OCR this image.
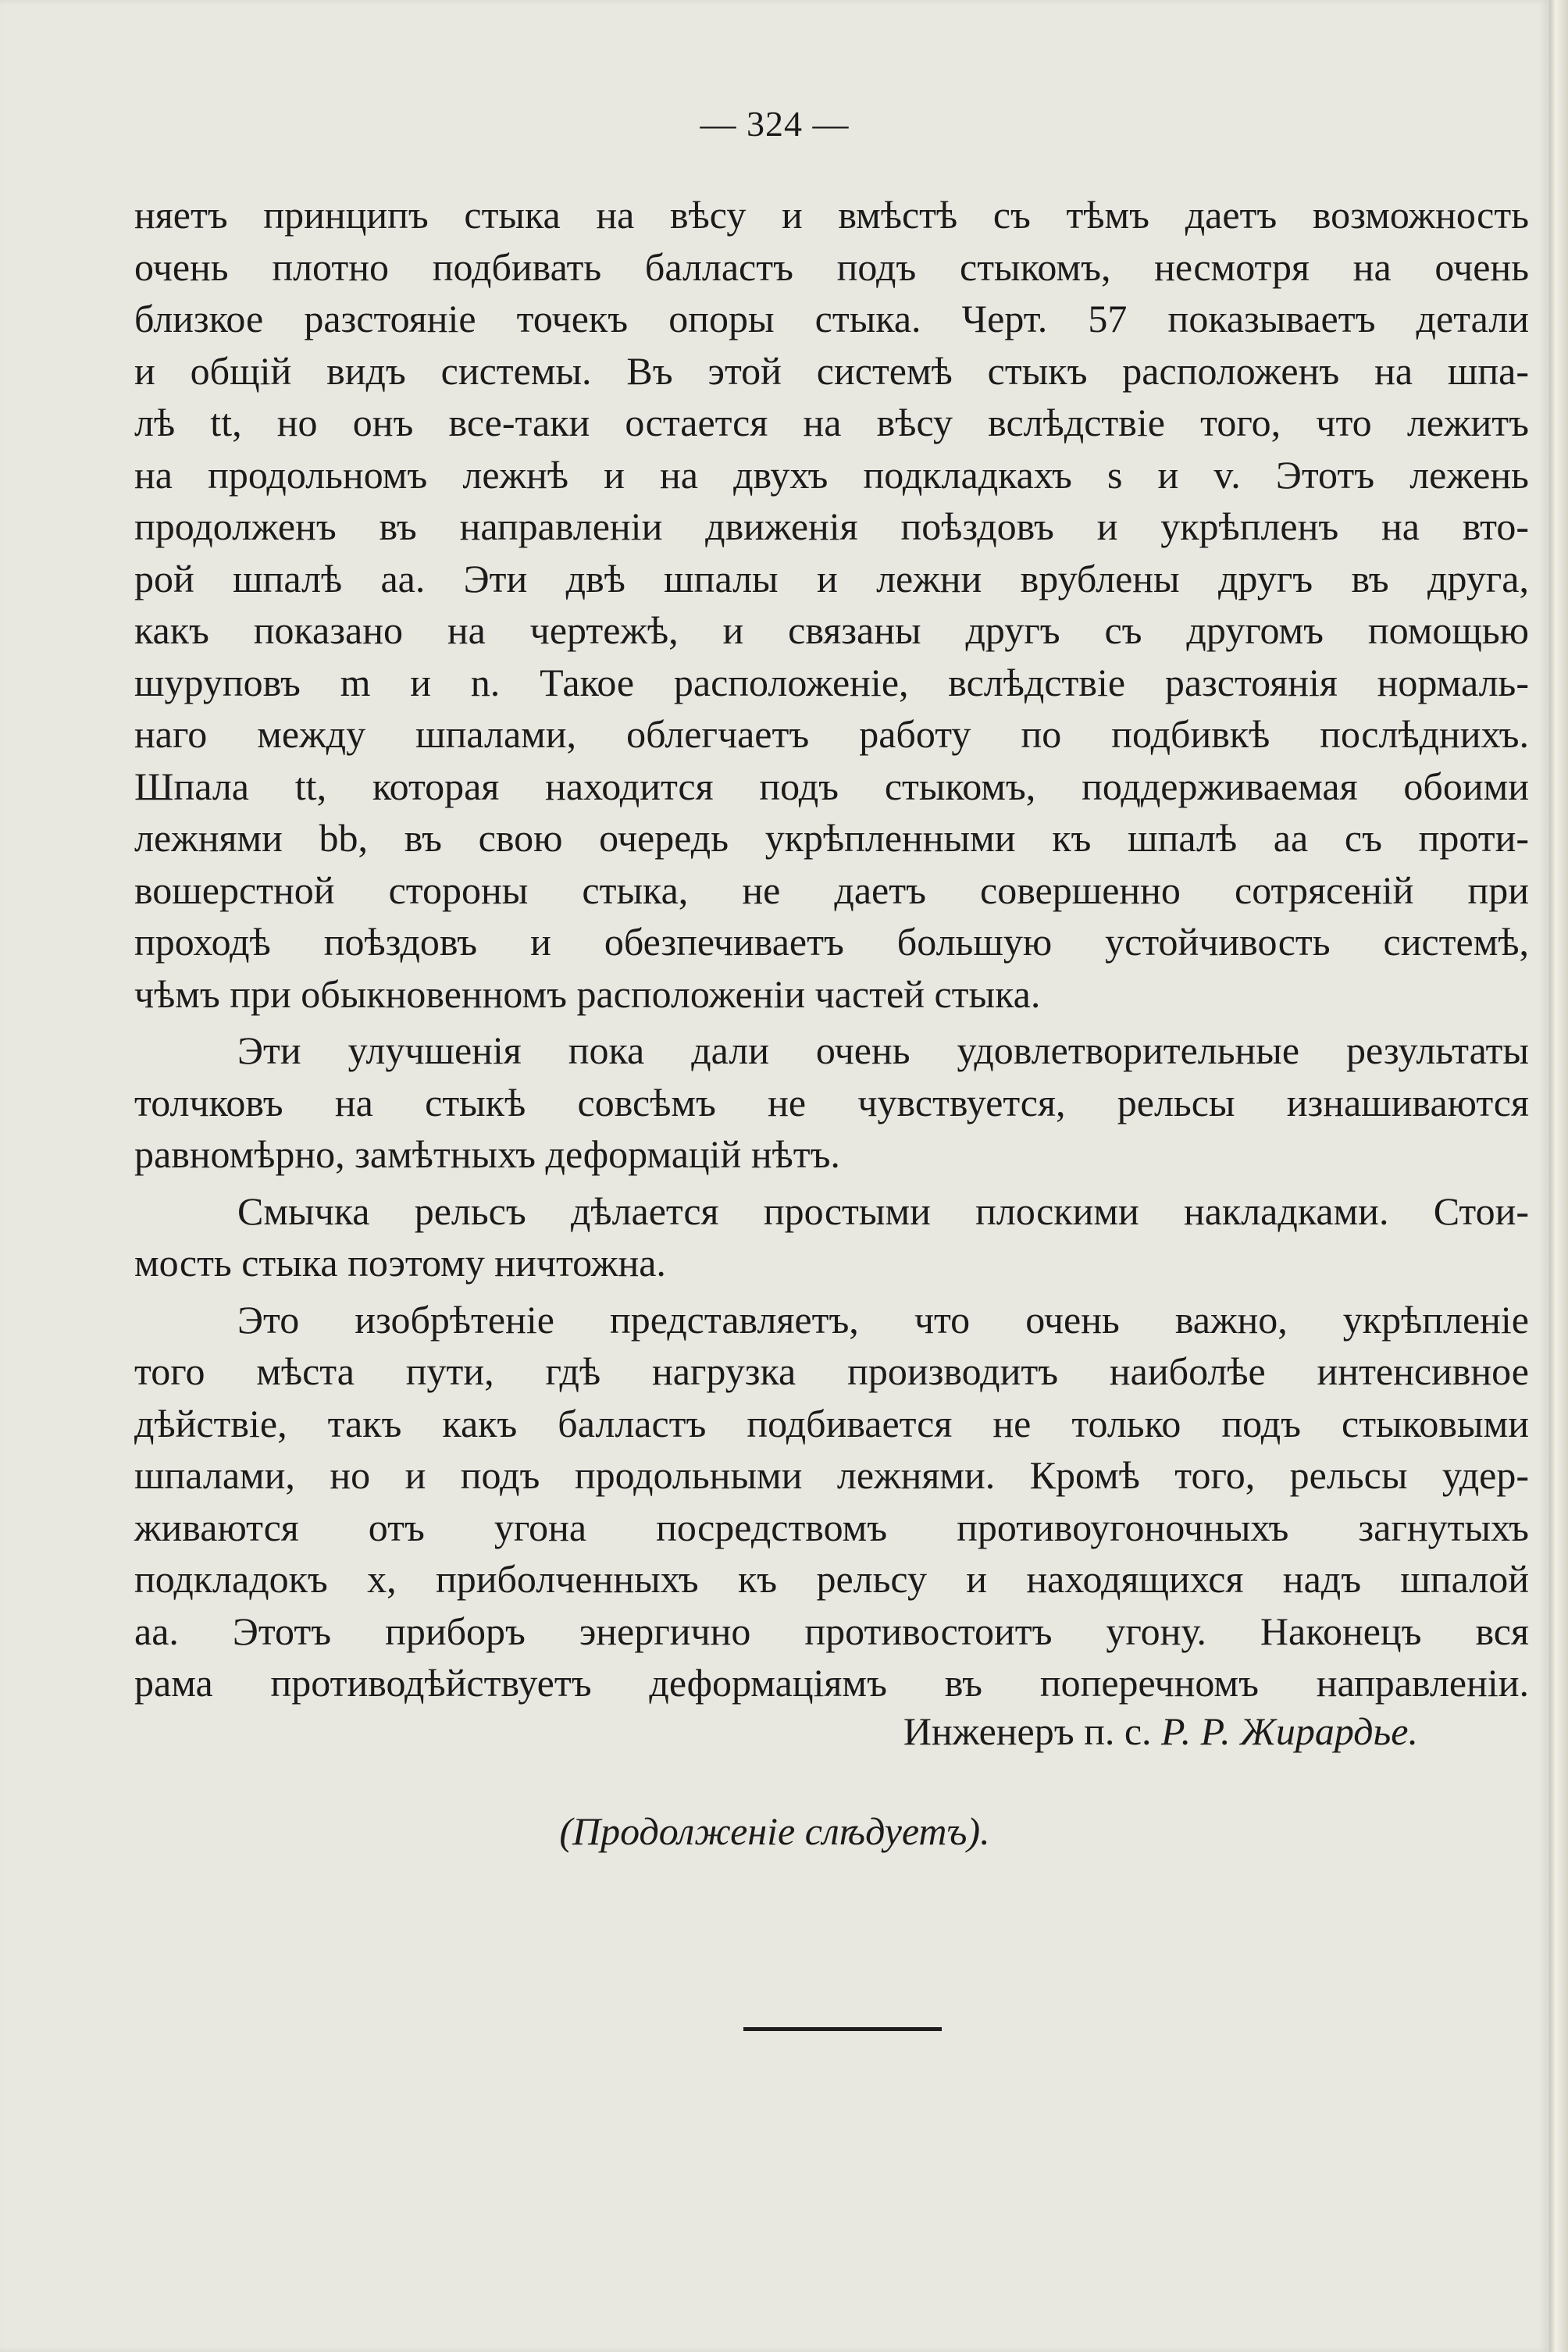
— 324 —
няетъ принципъ стыка на вѣсу и вмѣстѣ съ тѣмъ даетъ возможность
очень плотно подбивать балластъ подъ стыкомъ, несмотря на очень
близкое разстояніе точекъ опоры стыка. Черт. 57 показываетъ детали
и общій видъ системы. Въ этой системѣ стыкъ расположенъ на шпа-
лѣ tt, но онъ все-таки остается на вѣсу вслѣдствіе того, что лежитъ
на продольномъ лежнѣ и на двухъ подкладкахъ s и v. Этотъ лежень
продолженъ въ направленіи движенія поѣздовъ и укрѣпленъ на вто-
рой шпалѣ аа. Эти двѣ шпалы и лежни врублены другъ въ друга,
какъ показано на чертежѣ, и связаны другъ съ другомъ помощью
шуруповъ m и n. Такое расположеніе, вслѣдствіе разстоянія нормаль-
наго между шпалами, облегчаетъ работу по подбивкѣ послѣднихъ.
Шпала tt, которая находится подъ стыкомъ, поддерживаемая обоими
лежнями bb, въ свою очередь укрѣпленными къ шпалѣ аа съ проти-
вошерстной стороны стыка, не даетъ совершенно сотрясеній при
проходѣ поѣздовъ и обезпечиваетъ большую устойчивость системѣ,
чѣмъ при обыкновенномъ расположеніи частей стыка.
Эти улучшенія пока дали очень удовлетворительные результаты
толчковъ на стыкѣ совсѣмъ не чувствуется, рельсы изнашиваются
равномѣрно, замѣтныхъ деформацій нѣтъ.
Смычка рельсъ дѣлается простыми плоскими накладками. Стои-
мость стыка поэтому ничтожна.
Это изобрѣтеніе представляетъ, что очень важно, укрѣпленіе
того мѣста пути, гдѣ нагрузка производитъ наиболѣе интенсивное
дѣйствіе, такъ какъ балластъ подбивается не только подъ стыковыми
шпалами, но и подъ продольными лежнями. Кромѣ того, рельсы удер-
живаются отъ угона посредствомъ противоугоночныхъ загнутыхъ
подкладокъ x, приболченныхъ къ рельсу и находящихся надъ шпалой
аа. Этотъ приборъ энергично противостоитъ угону. Наконецъ вся
рама противодѣйствуетъ деформаціямъ въ поперечномъ направленіи.
Инженеръ п. с. Р. Р. Жирардье.
(Продолженіе слѣдуетъ).
